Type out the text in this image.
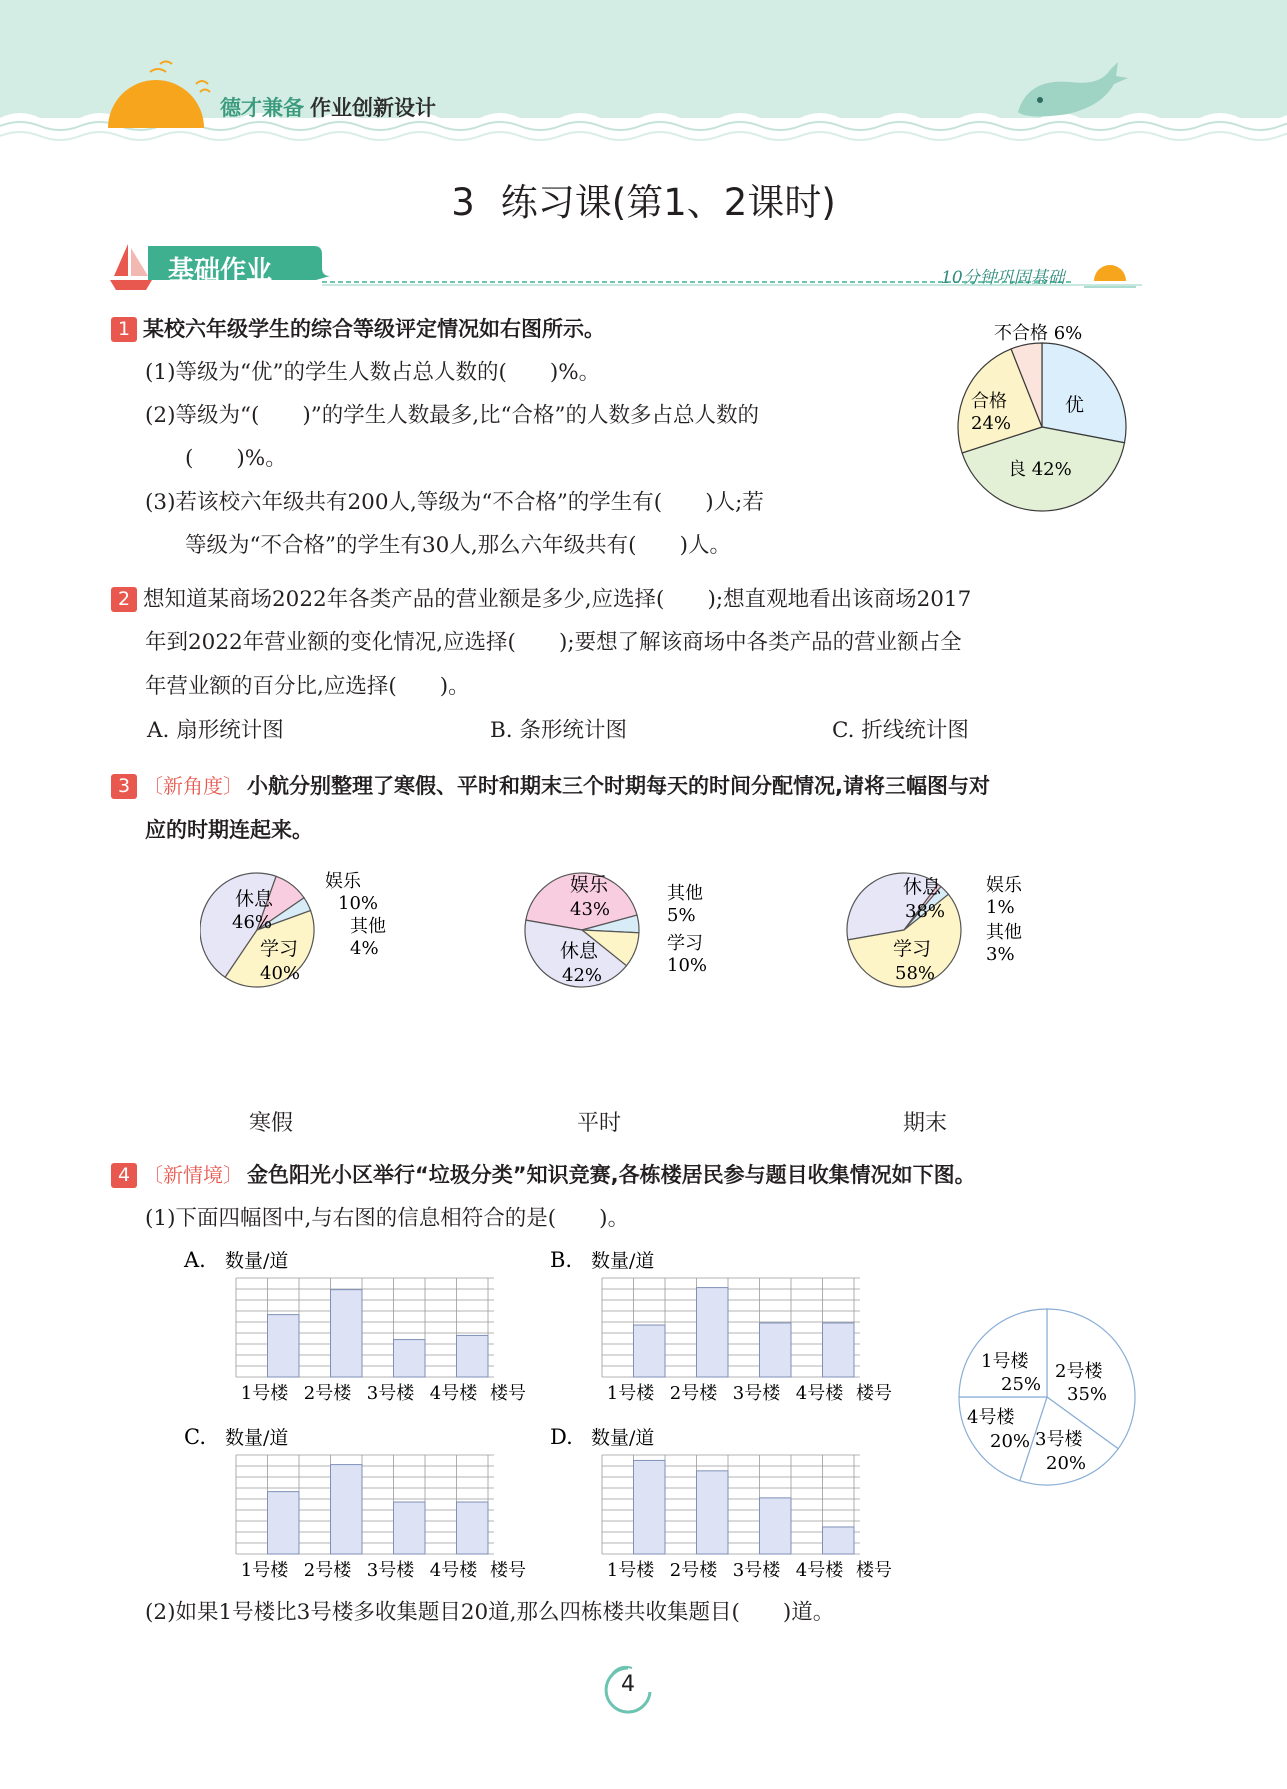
德才兼备 作业创新设计
3 练习课(第1、2课时)
基础作业	10分钟巩固基础
1 某校六年级学生的综合等级评定情况如右图所示。
(1)等级为“优”的学生人数占总人数的(　　)%。
(2)等级为“(　　)”的学生人数最多,比“合格”的人数多占总人数的
(　　)%。
(3)若该校六年级共有200人,等级为“不合格”的学生有(　　)人;若
等级为“不合格”的学生有30人,那么六年级共有(　　)人。
不合格 6%
合格
24%
优
良 42%
2 想知道某商场2022年各类产品的营业额是多少,应选择(　　);想直观地看出该商场2017
年到2022年营业额的变化情况,应选择(　　);要想了解该商场中各类产品的营业额占全
年营业额的百分比,应选择(　　)。
A. 扇形统计图	B. 条形统计图	C. 折线统计图
3 〔新角度〕 小航分别整理了寒假、平时和期末三个时期每天的时间分配情况,请将三幅图与对
应的时期连起来。
休息
46%
娱乐
10%
其他
4%
学习
40%
娱乐
43%
其他
5%
学习
10%
休息
42%
休息
38%
娱乐
1%
其他
3%
学习
58%
寒假	平时	期末
4 〔新情境〕 金色阳光小区举行“垃圾分类”知识竞赛,各栋楼居民参与题目收集情况如下图。
(1)下面四幅图中,与右图的信息相符合的是(　　)。
A. 数量/道
1号楼 2号楼 3号楼 4号楼 楼号
B. 数量/道
1号楼 2号楼 3号楼 4号楼 楼号
C. 数量/道
1号楼 2号楼 3号楼 4号楼 楼号
D. 数量/道
1号楼 2号楼 3号楼 4号楼 楼号
1号楼
25%
2号楼
35%
4号楼
20% 3号楼
20%
(2)如果1号楼比3号楼多收集题目20道,那么四栋楼共收集题目(　　)道。
4
